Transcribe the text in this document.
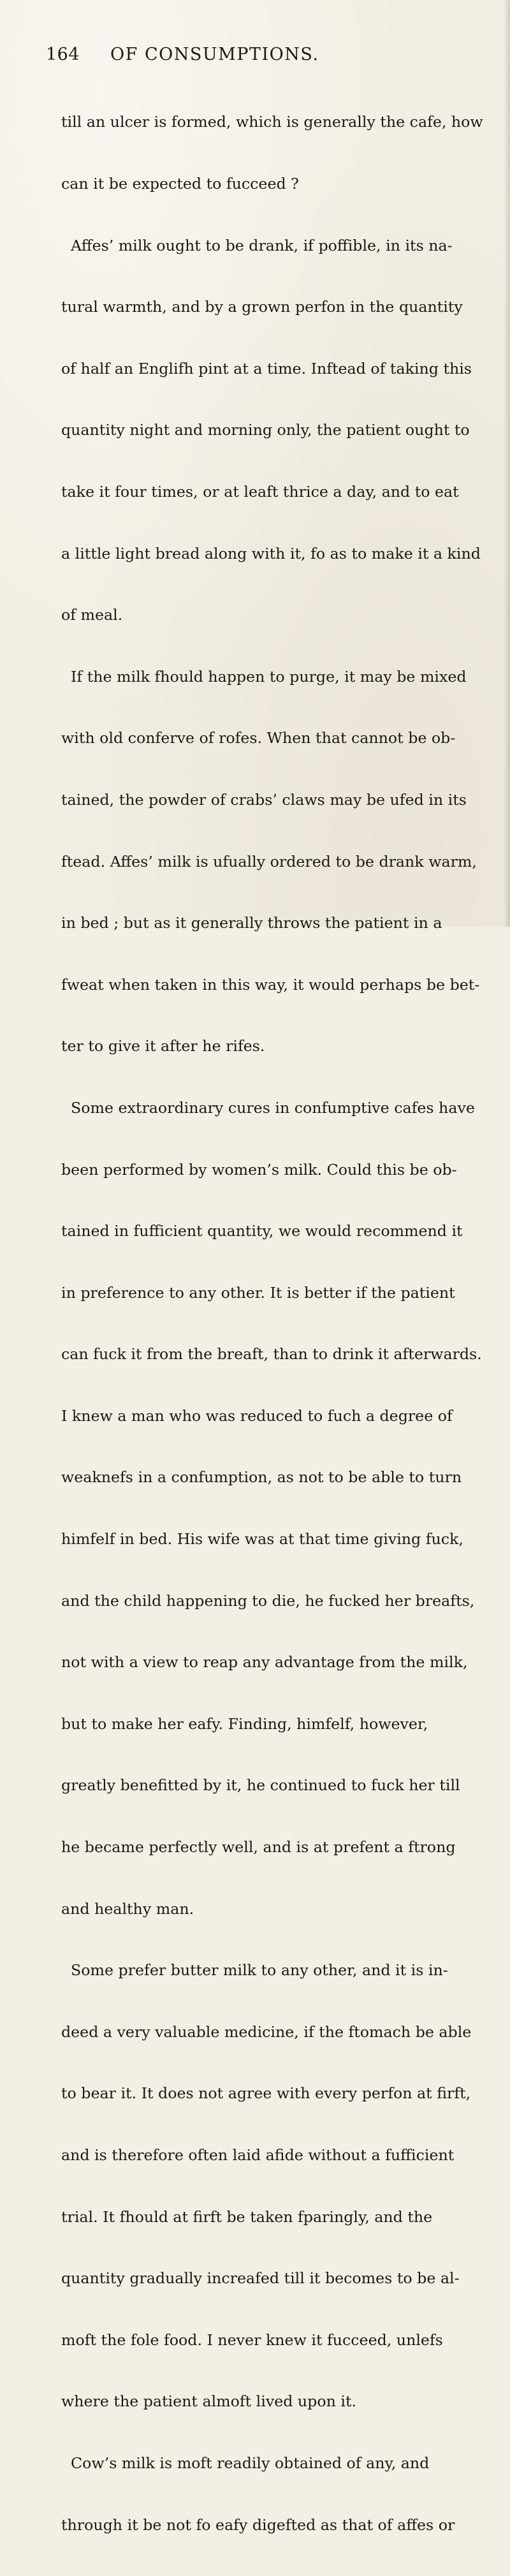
164 OF CONSUMPTIONS.

till an ulcer is formed, which is generally the cafe, how

can it be expected to fucceed ?

Affes’ milk ought to be drank, if poffible, in its na-

tural warmth, and by a grown perfon in the quantity

of half an Englifh pint at a time. Inftead of taking this

quantity night and morning only, the patient ought to

take it four times, or at leaft thrice a day, and to eat

a little light bread along with it, fo as to make it a kind

of meal.

If the milk fhould happen to purge, it may be mixed

with old conferve of rofes. When that cannot be ob-

tained, the powder of crabs’ claws may be ufed in its

ftead. Affes’ milk is ufually ordered to be drank warm,

in bed ; but as it generally throws the patient in a

fweat when taken in this way, it would perhaps be bet-

ter to give it after he rifes.

Some extraordinary cures in confumptive cafes have

been performed by women’s milk. Could this be ob-

tained in fufficient quantity, we would recommend it

in preference to any other. It is better if the patient

can fuck it from the breaft, than to drink it afterwards.

I knew a man who was reduced to fuch a degree of

weaknefs in a confumption, as not to be able to turn

himfelf in bed. His wife was at that time giving fuck,

and the child happening to die, he fucked her breafts,

not with a view to reap any advantage from the milk,

but to make her eafy. Finding, himfelf, however,

greatly benefitted by it, he continued to fuck her till

he became perfectly well, and is at prefent a ftrong

and healthy man.

Some prefer butter milk to any other, and it is in-

deed a very valuable medicine, if the ftomach be able

to bear it. It does not agree with every perfon at firft,

and is therefore often laid afide without a fufficient

trial. It fhould at firft be taken fparingly, and the

quantity gradually increafed till it becomes to be al-

moft the fole food. I never knew it fucceed, unlefs

where the patient almoft lived upon it.

Cow’s milk is moft readily obtained of any, and

through it be not fo eafy digefted as that of affes or
